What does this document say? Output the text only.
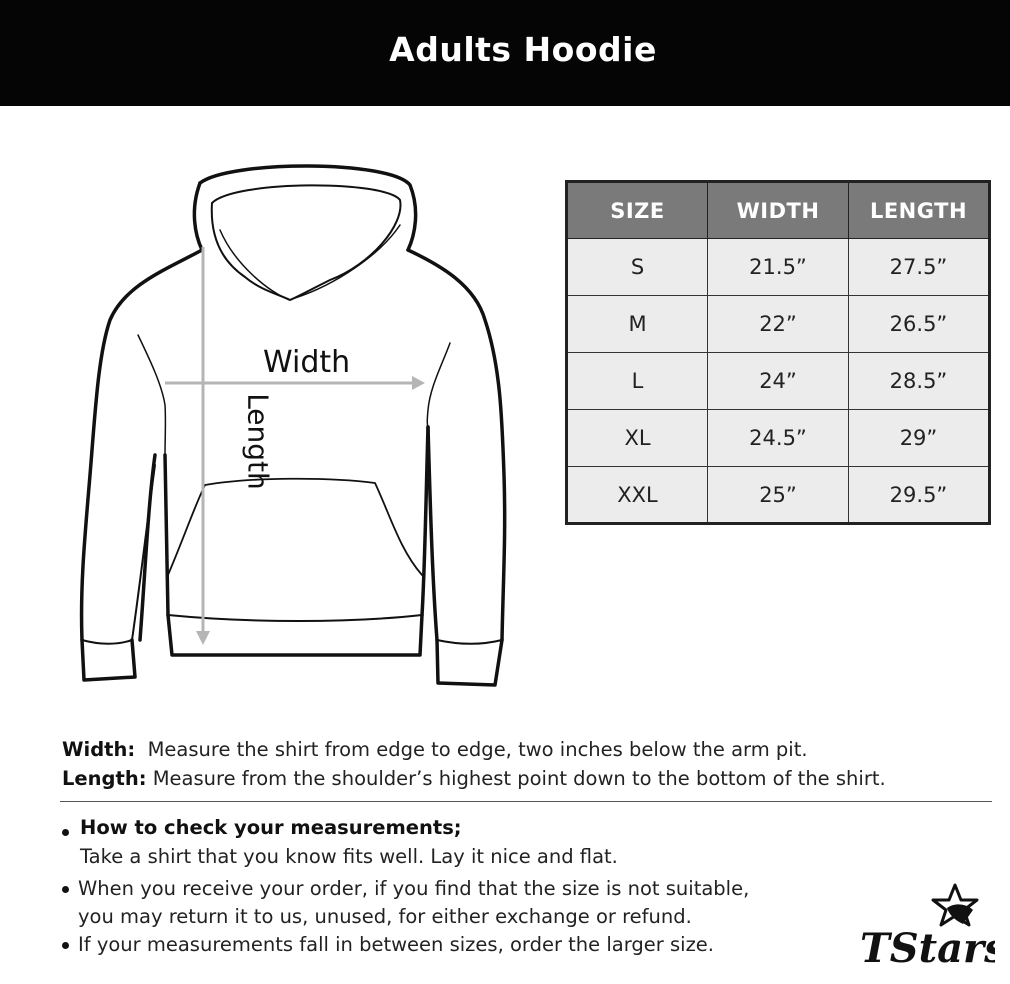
Adults Hoodie
Width
Length
SIZE	WIDTH	LENGTH
S	21.5”	27.5”
M	22”	26.5”
L	24”	28.5”
XL	24.5”	29”
XXL	25”	29.5”
Width: Measure the shirt from edge to edge, two inches below the arm pit.
Length: Measure from the shoulder’s highest point down to the bottom of the shirt.
How to check your measurements;
Take a shirt that you know fits well. Lay it nice and flat.
When you receive your order, if you find that the size is not suitable,
you may return it to us, unused, for either exchange or refund.
If your measurements fall in between sizes, order the larger size.	TStars
